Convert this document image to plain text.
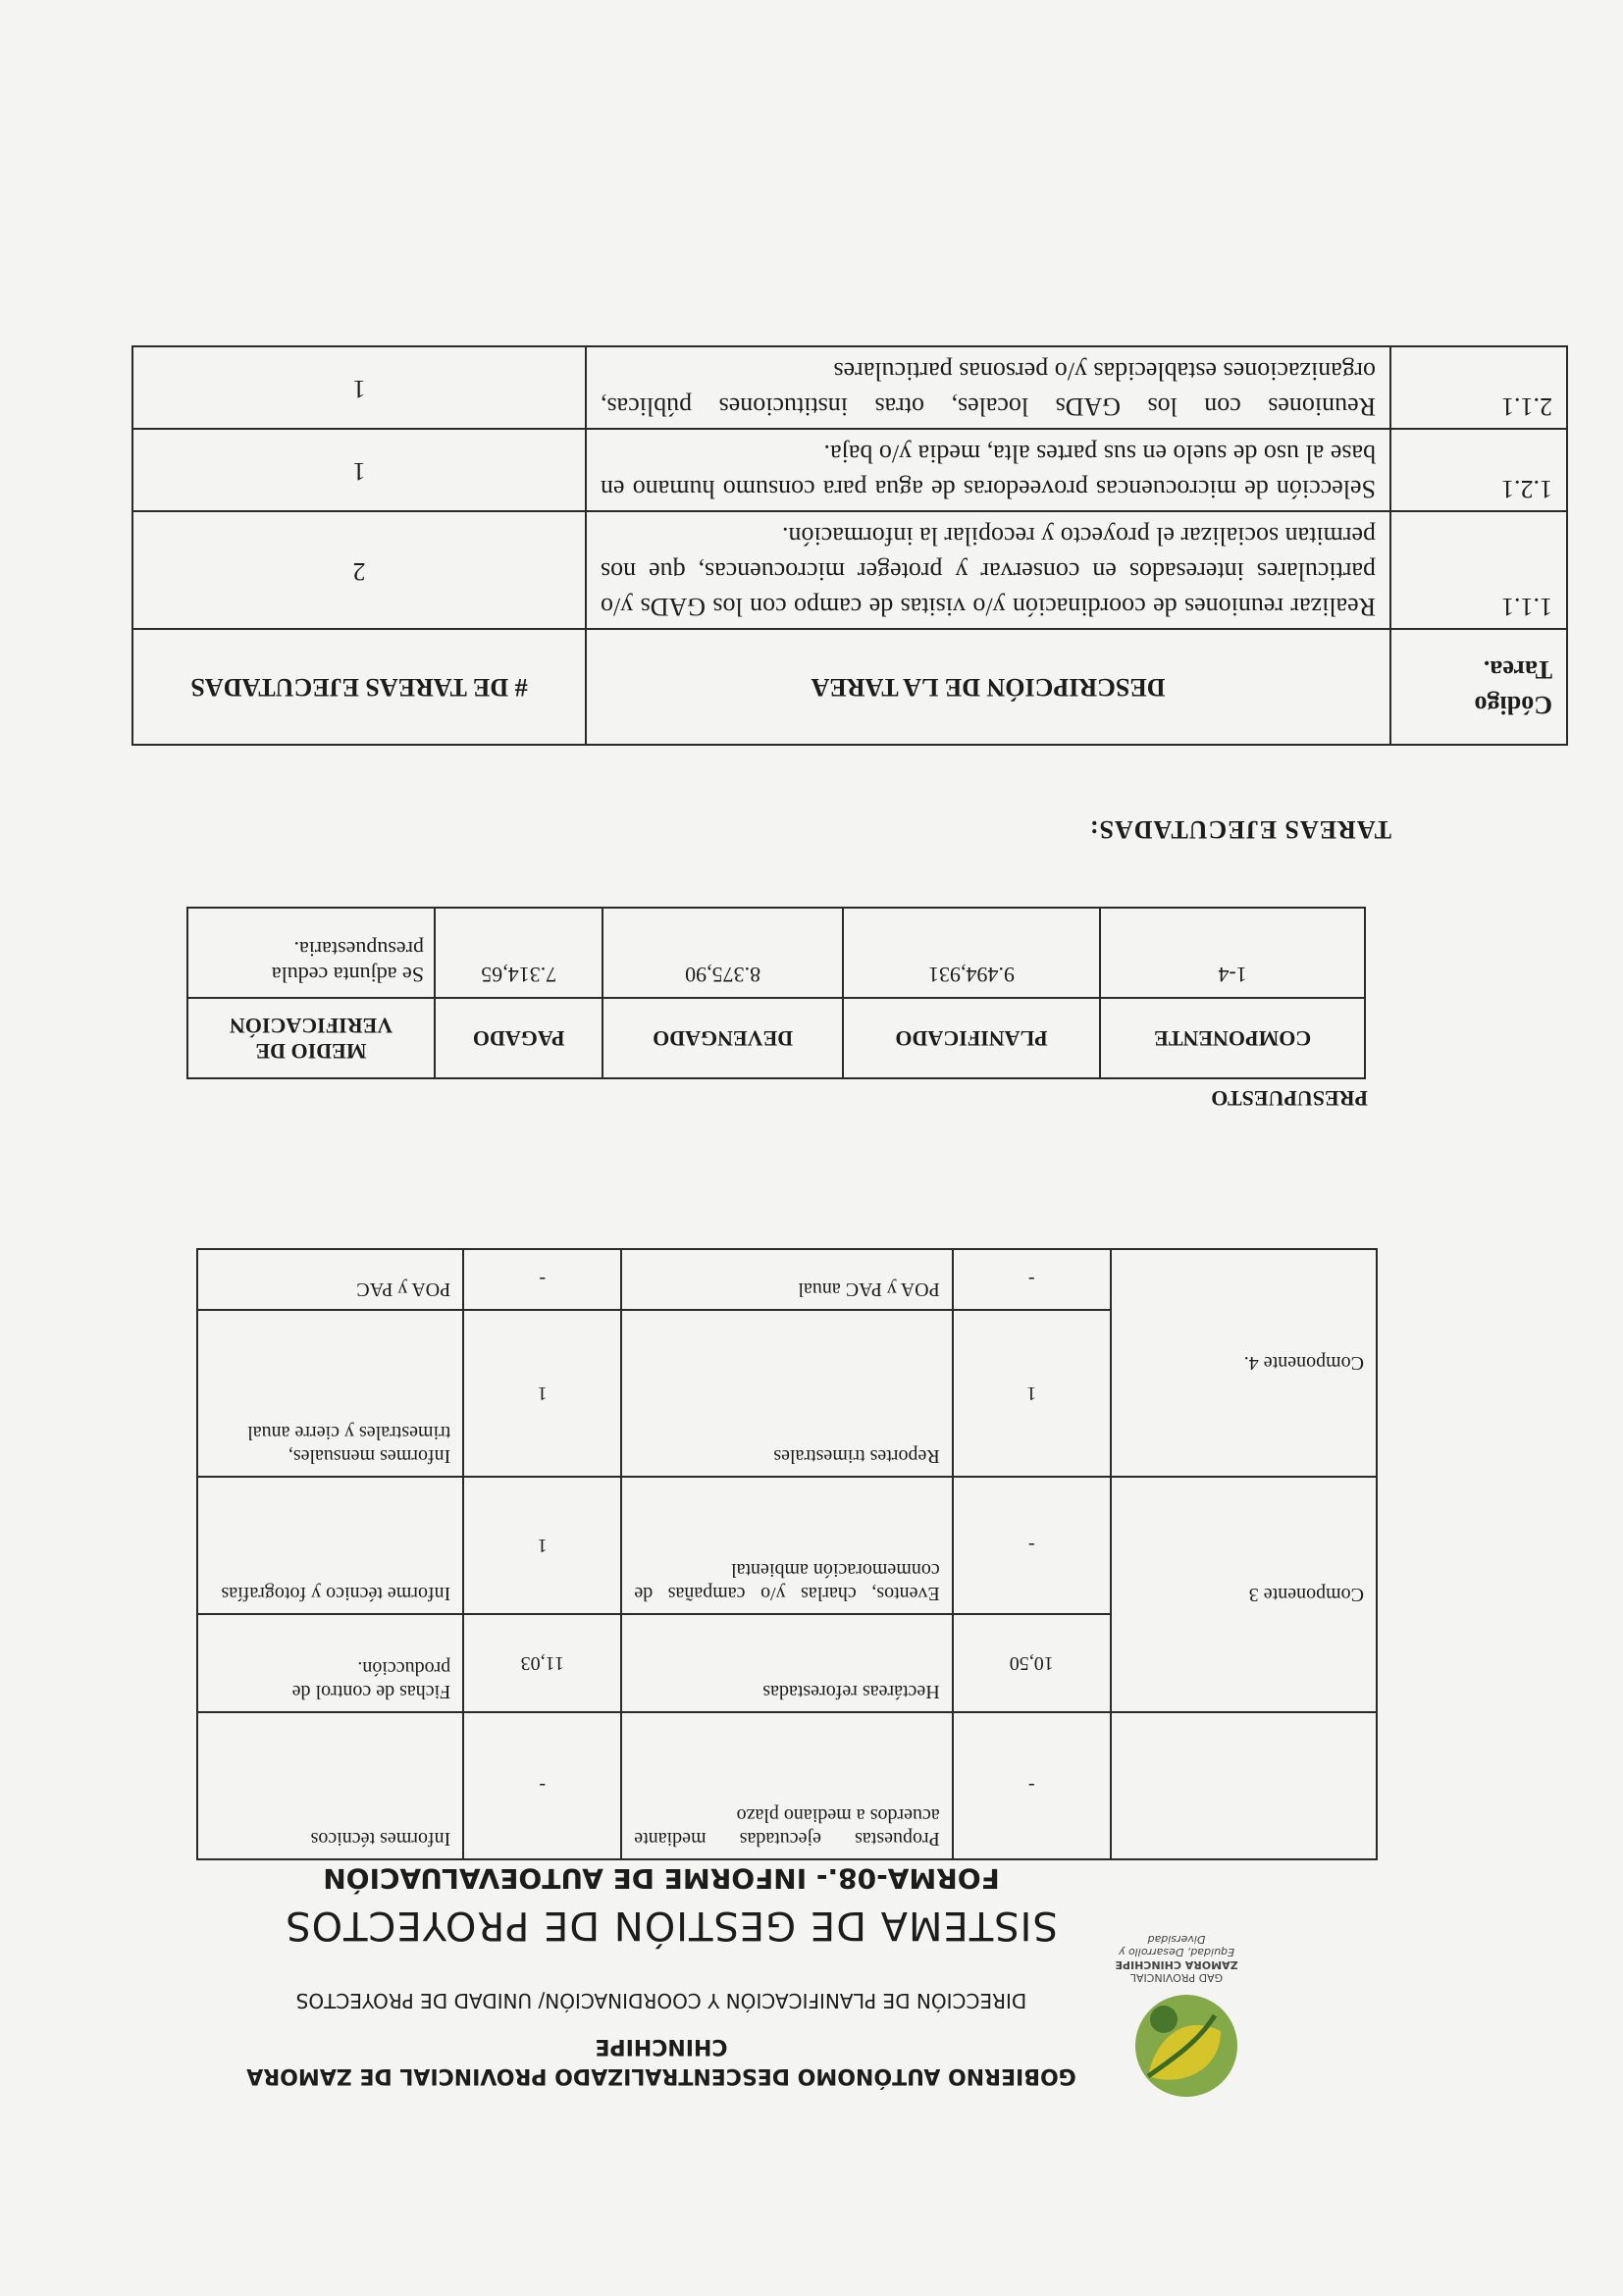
GAD PROVINCIAL
ZAMORA CHINCHIPE
Equidad, Desarrollo y Diversidad
GOBIERNO AUTÓNOMO DESCENTRALIZADO PROVINCIAL DE ZAMORA CHINCHIPE
DIRECCIÓN DE PLANIFICACIÓN Y COORDINACIÓN/ UNIDAD DE PROYECTOS
SISTEMA DE GESTIÓN DE PROYECTOS
FORMA-08.- INFORME DE AUTOEVALUACIÓN
	-	Propuestas ejecutadas mediante acuerdos a mediano plazo	-	Informes técnicos
Componente 3	10,50	Hectáreas reforestadas	11,03	Fichas de control de producción.
	-	Eventos, charlas y/o campañas de conmemoración ambiental	1	Informe técnico y fotografías
Componente 4.	1	Reportes trimestrales	1	Informes mensuales, trimestrales y cierre anual
	-	POA y PAC anual	-	POA y PAC
PRESUPUESTO
COMPONENTE	PLANIFICADO	DEVENGADO	PAGADO	MEDIO DE VERIFICACIÓN
1-4	9.494,931	8.375,90	7.314,65	Se adjunta cedula presupuestaria.
TAREAS EJECUTADAS:
Código Tarea.	DESCRIPCIÓN DE LA TAREA	# DE TAREAS EJECUTADAS
1.1.1	Realizar reuniones de coordinación y/o visitas de campo con los GADs y/o particulares interesados en conservar y proteger microcuencas, que nos permitan socializar el proyecto y recopilar la información.	2
1.2.1	Selección de microcuencas proveedoras de agua para consumo humano en base al uso de suelo en sus partes alta, media y/o baja.	1
2.1.1	Reuniones con los GADs locales, otras instituciones públicas, organizaciones establecidas y/o personas particulares	1
